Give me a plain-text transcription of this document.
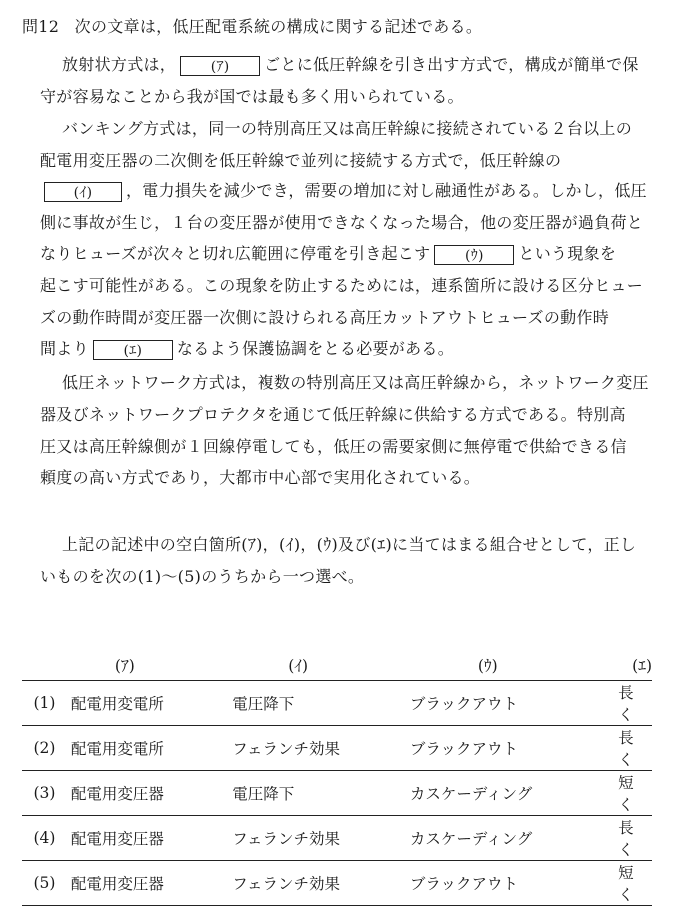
問12 次の文章は，低圧配電系統の構成に関する記述である。
放射状方式は， (ｱ) ごとに低圧幹線を引き出す方式で，構成が簡単で保
守が容易なことから我が国では最も多く用いられている。
バンキング方式は，同一の特別高圧又は高圧幹線に接続されている２台以上の
配電用変圧器の二次側を低圧幹線で並列に接続する方式で，低圧幹線の
(ｲ) ，電力損失を減少でき，需要の増加に対し融通性がある。しかし，低圧
側に事故が生じ，１台の変圧器が使用できなくなった場合，他の変圧器が過負荷と
なりヒューズが次々と切れ広範囲に停電を引き起こす (ｳ) という現象を
起こす可能性がある。この現象を防止するためには，連系箇所に設ける区分ヒュー
ズの動作時間が変圧器一次側に設けられる高圧カットアウトヒューズの動作時
間より (ｴ) なるよう保護協調をとる必要がある。
低圧ネットワーク方式は，複数の特別高圧又は高圧幹線から，ネットワーク変圧
器及びネットワークプロテクタを通じて低圧幹線に供給する方式である。特別高
圧又は高圧幹線側が１回線停電しても，低圧の需要家側に無停電で供給できる信
頼度の高い方式であり，大都市中心部で実用化されている。
上記の記述中の空白箇所(ｱ)，(ｲ)，(ｳ)及び(ｴ)に当てはまる組合せとして，正し
いものを次の(1)～(5)のうちから一つ選べ。
	(ｱ)	(ｲ)	(ｳ)	(ｴ)
(1)	配電用変電所	電圧降下	ブラックアウト	長　く
(2)	配電用変電所	フェランチ効果	ブラックアウト	長　く
(3)	配電用変圧器	電圧降下	カスケーディング	短　く
(4)	配電用変圧器	フェランチ効果	カスケーディング	長　く
(5)	配電用変圧器	フェランチ効果	ブラックアウト	短　く
